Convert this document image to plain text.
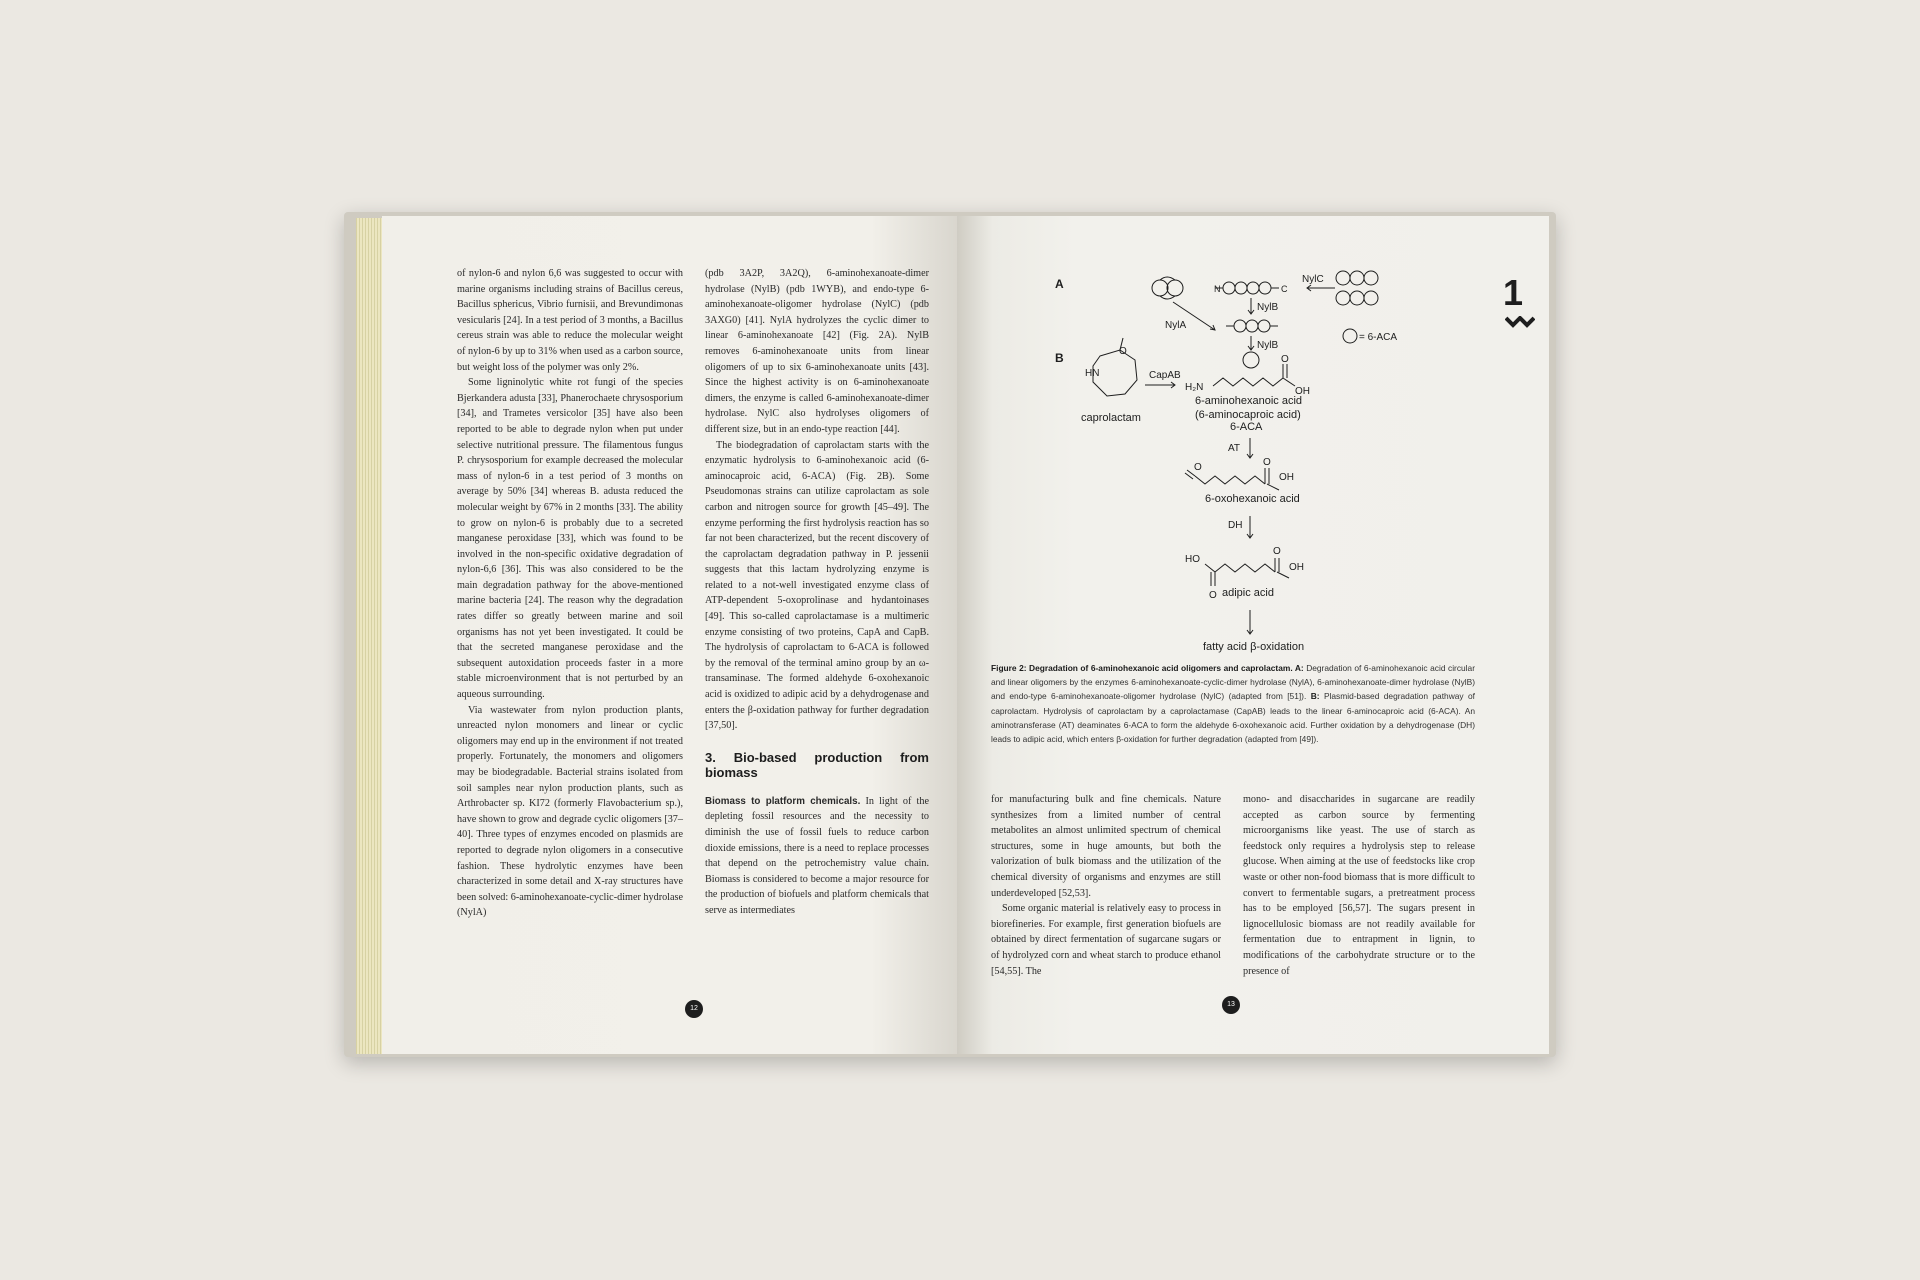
of nylon-6 and nylon 6,6 was suggested to occur with marine organisms including strains of Bacillus cereus, Bacillus sphericus, Vibrio furnisii, and Brevundimonas vesicularis [24]. In a test period of 3 months, a Bacillus cereus strain was able to reduce the molecular weight of nylon-6 by up to 31% when used as a carbon source, but weight loss of the polymer was only 2%.

Some ligninolytic white rot fungi of the species Bjerkandera adusta [33], Phanerochaete chrysosporium [34], and Trametes versicolor [35] have also been reported to be able to degrade nylon when put under selective nutritional pressure. The filamentous fungus P. chrysosporium for example decreased the molecular mass of nylon-6 in a test period of 3 months on average by 50% [34] whereas B. adusta reduced the molecular weight by 67% in 2 months [33]. The ability to grow on nylon-6 is probably due to a secreted manganese peroxidase [33], which was found to be involved in the non-specific oxidative degradation of nylon-6,6 [36]. This was also considered to be the main degradation pathway for the above-mentioned marine bacteria [24]. The reason why the degradation rates differ so greatly between marine and soil organisms has not yet been investigated. It could be that the secreted manganese peroxidase and the subsequent autoxidation proceeds faster in a more stable microenvironment that is not perturbed by an aqueous surrounding.

Via wastewater from nylon production plants, unreacted nylon monomers and linear or cyclic oligomers may end up in the environment if not treated properly. Fortunately, the monomers and oligomers may be biodegradable. Bacterial strains isolated from soil samples near nylon production plants, such as Arthrobacter sp. KI72 (formerly Flavobacterium sp.), have shown to grow and degrade cyclic oligomers [37–40]. Three types of enzymes encoded on plasmids are reported to degrade nylon oligomers in a consecutive fashion. These hydrolytic enzymes have been characterized in some detail and X-ray structures have been solved: 6-aminohexanoate-cyclic-dimer hydrolase (NylA)

(pdb 3A2P, 3A2Q), 6-aminohexanoate-dimer hydrolase (NylB) (pdb 1WYB), and endo-type 6-aminohexanoate-oligomer hydrolase (NylC) (pdb 3AXG0) [41]. NylA hydrolyzes the cyclic dimer to linear 6-aminohexanoate [42] (Fig. 2A). NylB removes 6-aminohexanoate units from linear oligomers of up to six 6-aminohexanoate units [43]. Since the highest activity is on 6-aminohexanoate dimers, the enzyme is called 6-aminohexanoate-dimer hydrolase. NylC also hydrolyses oligomers of different size, but in an endo-type reaction [44].

The biodegradation of caprolactam starts with the enzymatic hydrolysis to 6-aminohexanoic acid (6-aminocaproic acid, 6-ACA) (Fig. 2B). Some Pseudomonas strains can utilize caprolactam as sole carbon and nitrogen source for growth [45–49]. The enzyme performing the first hydrolysis reaction has so far not been characterized, but the recent discovery of the caprolactam degradation pathway in P. jessenii suggests that this lactam hydrolyzing enzyme is related to a not-well investigated enzyme class of ATP-dependent 5-oxoprolinase and hydantoinases [49]. This so-called caprolactamase is a multimeric enzyme consisting of two proteins, CapA and CapB. The hydrolysis of caprolactam to 6-ACA is followed by the removal of the terminal amino group by an ω-transaminase. The formed aldehyde 6-oxohexanoic acid is oxidized to adipic acid by a dehydrogenase and enters the β-oxidation pathway for further degradation [37,50].

3. Bio-based production from biomass

Biomass to platform chemicals. In light of the depleting fossil resources and the necessity to diminish the use of fossil fuels to reduce carbon dioxide emissions, there is a need to replace processes that depend on the petrochemistry value chain. Biomass is considered to become a major resource for the production of biofuels and platform chemicals that serve as intermediates

12
1
A
B
NylA
NylB
NylB
NylC
= 6-ACA
N	C
HN
O
CapAB
caprolactam
H₂N
O
OH
6-aminohexanoic acid
(6-aminocaproic acid)
6-ACA
AT
O	O
OH
6-oxohexanoic acid
DH
HO
O
O
OH
adipic acid
fatty acid β-oxidation
Figure 2: Degradation of 6-aminohexanoic acid oligomers and caprolactam. A: Degradation of 6-aminohexanoic acid circular and linear oligomers by the enzymes 6-aminohexanoate-cyclic-dimer hydrolase (NylA), 6-aminohexanoate-dimer hydrolase (NylB) and endo-type 6-aminohexanoate-oligomer hydrolase (NylC) (adapted from [51]). B: Plasmid-based degradation pathway of caprolactam. Hydrolysis of caprolactam by a caprolactamase (CapAB) leads to the linear 6-aminocaproic acid (6-ACA). An aminotransferase (AT) deaminates 6-ACA to form the aldehyde 6-oxohexanoic acid. Further oxidation by a dehydrogenase (DH) leads to adipic acid, which enters β-oxidation for further degradation (adapted from [49]).

for manufacturing bulk and fine chemicals. Nature synthesizes from a limited number of central metabolites an almost unlimited spectrum of chemical structures, some in huge amounts, but both the valorization of bulk biomass and the utilization of the chemical diversity of organisms and enzymes are still underdeveloped [52,53].

Some organic material is relatively easy to process in biorefineries. For example, first generation biofuels are obtained by direct fermentation of sugarcane sugars or of hydrolyzed corn and wheat starch to produce ethanol [54,55]. The

mono- and disaccharides in sugarcane are readily accepted as carbon source by fermenting microorganisms like yeast. The use of starch as feedstock only requires a hydrolysis step to release glucose. When aiming at the use of feedstocks like crop waste or other non-food biomass that is more difficult to convert to fermentable sugars, a pretreatment process has to be employed [56,57]. The sugars present in lignocellulosic biomass are not readily available for fermentation due to entrapment in lignin, to modifications of the carbohydrate structure or to the presence of

13
